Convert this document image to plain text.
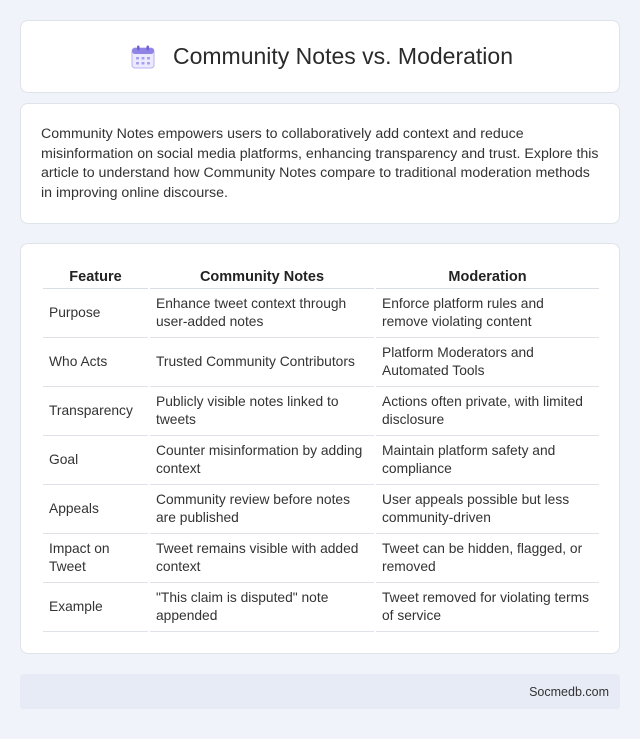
Community Notes vs. Moderation

Community Notes empowers users to collaboratively add context and reduce misinformation on social media platforms, enhancing transparency and trust. Explore this article to understand how Community Notes compare to traditional moderation methods in improving online discourse.

Feature	Community Notes	Moderation
Purpose	Enhance tweet context through user-added notes	Enforce platform rules and remove violating content
Who Acts	Trusted Community Contributors	Platform Moderators and Automated Tools
Transparency	Publicly visible notes linked to tweets	Actions often private, with limited disclosure
Goal	Counter misinformation by adding context	Maintain platform safety and compliance
Appeals	Community review before notes are published	User appeals possible but less community-driven
Impact on Tweet	Tweet remains visible with added context	Tweet can be hidden, flagged, or removed
Example	"This claim is disputed" note appended	Tweet removed for violating terms of service
Socmedb.com
